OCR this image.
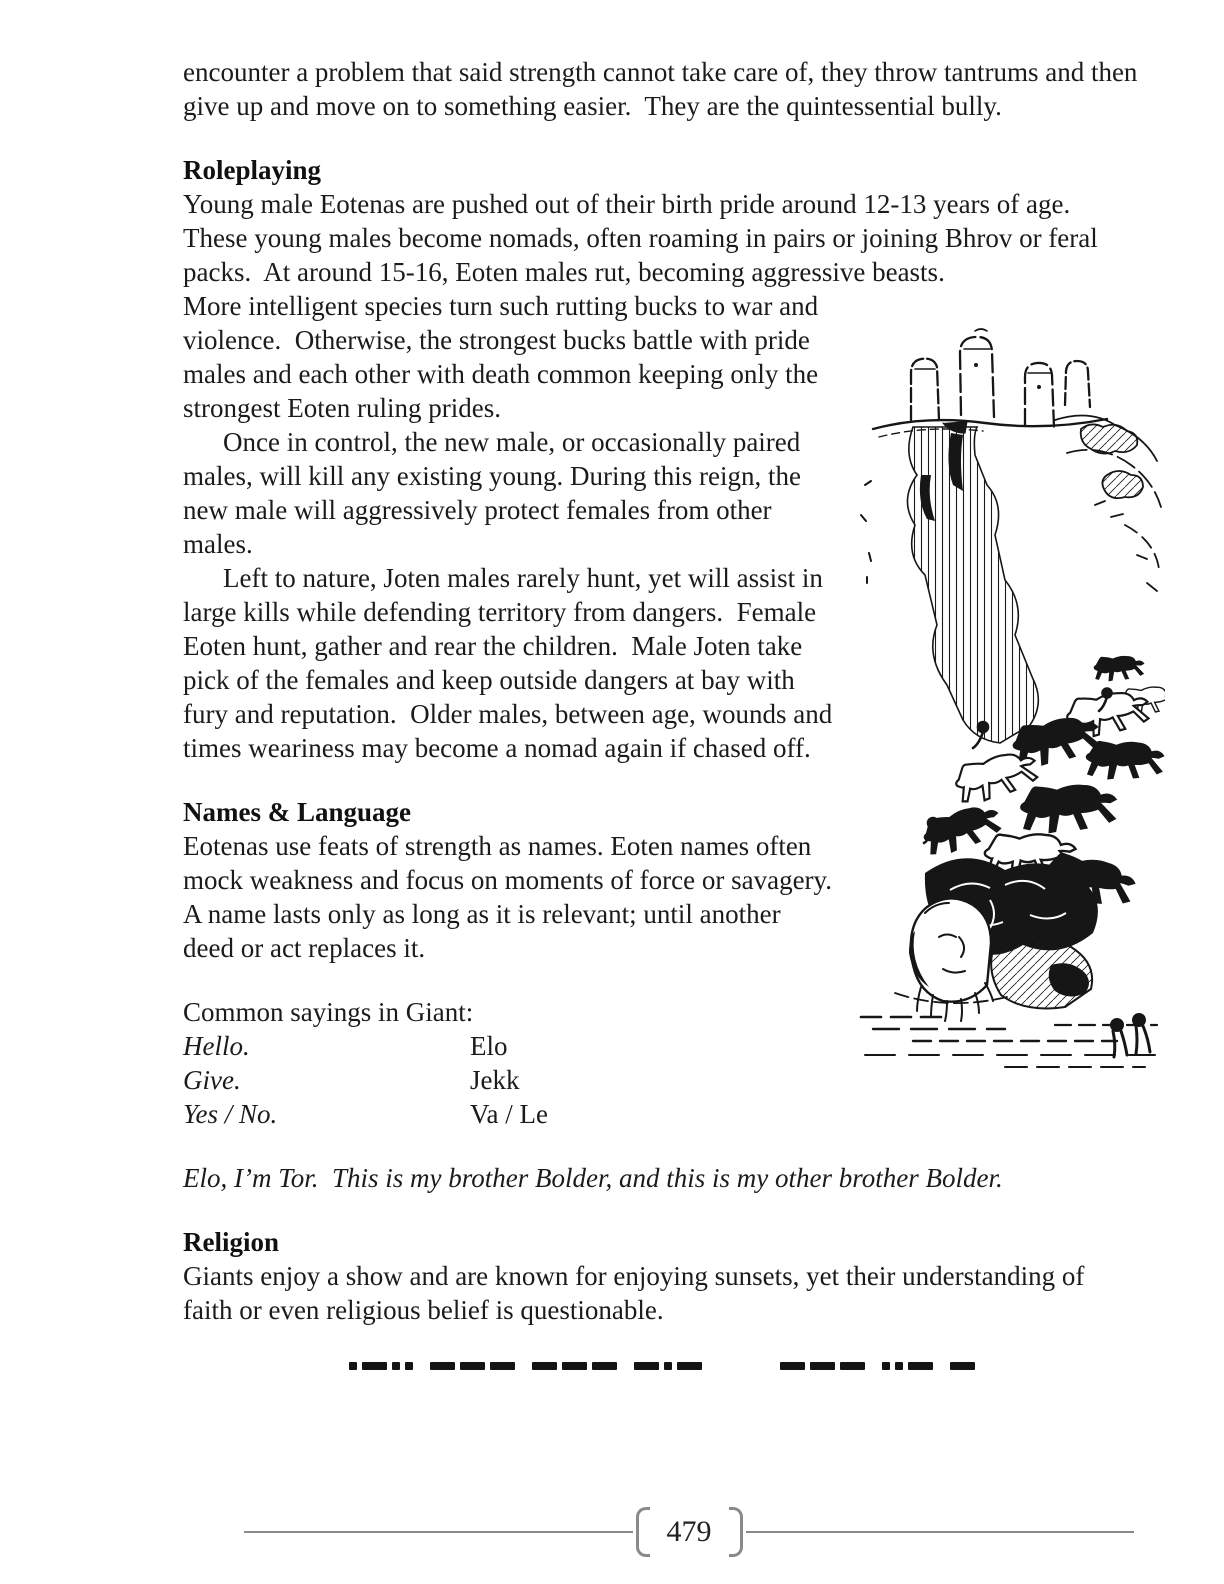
encounter a problem that said strength cannot take care of, they throw tantrums and then give up and move on to something easier.  They are the quintessential bully.

Roleplaying

Young male Eotenas are pushed out of their birth pride around 12-13 years of age.  These young males become nomads, often roaming in pairs or joining Bhrov or feral packs.  At around 15-16, Eoten males rut, becoming aggressive beasts.

More intelligent species turn such rutting bucks to war and violence.  Otherwise, the strongest bucks battle with pride males and each other with death common keeping only the strongest Eoten ruling prides.

Once in control, the new male, or occasionally paired males, will kill any existing young. During this reign, the new male will aggressively protect females from other males.

Left to nature, Joten males rarely hunt, yet will assist in large kills while defending territory from dangers.  Female Eoten hunt, gather and rear the children.  Male Joten take pick of the females and keep outside dangers at bay with fury and reputation.  Older males, between age, wounds and times weariness may become a nomad again if chased off.

Names & Language

Eotenas use feats of strength as names. Eoten names often mock weakness and focus on moments of force or savagery. A name lasts only as long as it is relevant; until another deed or act replaces it.

Common sayings in Giant:

Hello.	Elo
Give.	Jekk
Yes / No.	Va / Le

Elo, I’m Tor.  This is my brother Bolder, and this is my other brother Bolder.

Religion

Giants enjoy a show and are known for enjoying sunsets, yet their understanding of faith or even religious belief is questionable.

479
